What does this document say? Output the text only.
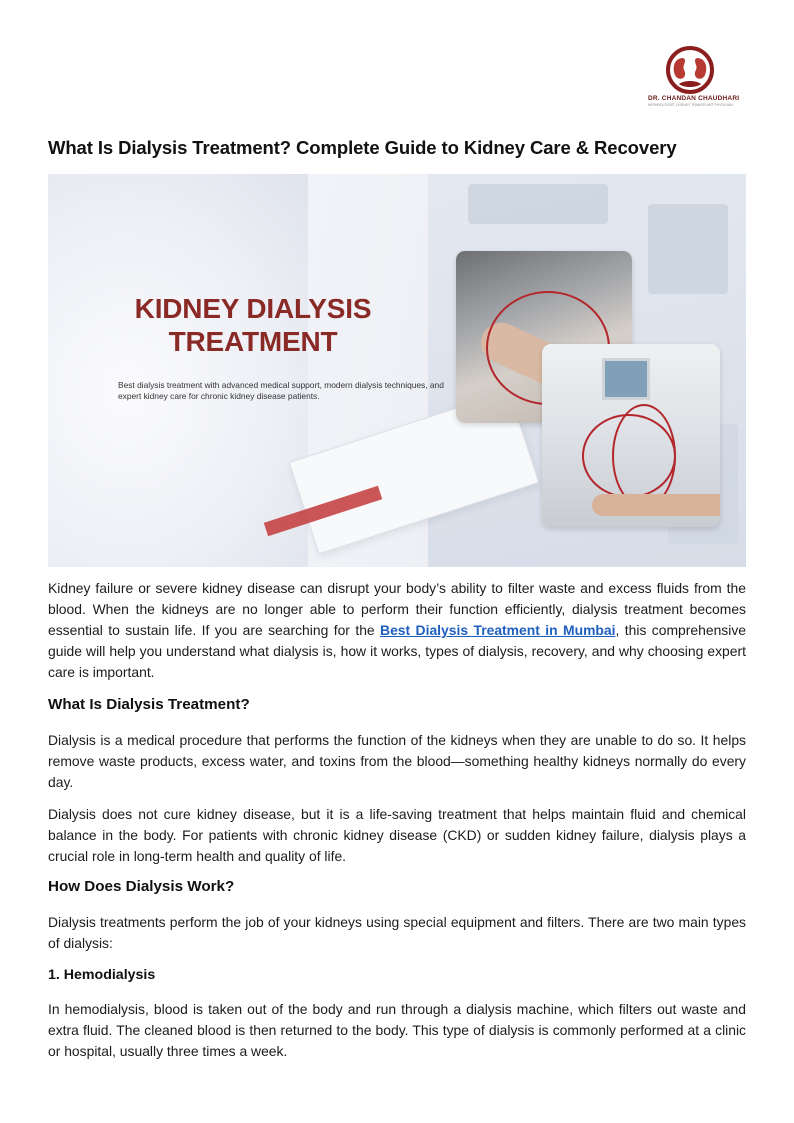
DR. CHANDAN CHAUDHARI
NEPHROLOGIST | KIDNEY TRANSPLANT PHYSICIAN
What Is Dialysis Treatment? Complete Guide to Kidney Care & Recovery
KIDNEY DIALYSIS
TREATMENT
Best dialysis treatment with advanced medical support, modern dialysis techniques, and expert kidney care for chronic kidney disease patients.

Kidney failure or severe kidney disease can disrupt your body’s ability to filter waste and excess fluids from the blood. When the kidneys are no longer able to perform their function efficiently, dialysis treatment becomes essential to sustain life. If you are searching for the Best Dialysis Treatment in Mumbai, this comprehensive guide will help you understand what dialysis is, how it works, types of dialysis, recovery, and why choosing expert care is important.

What Is Dialysis Treatment?

Dialysis is a medical procedure that performs the function of the kidneys when they are unable to do so. It helps remove waste products, excess water, and toxins from the blood—something healthy kidneys normally do every day.

Dialysis does not cure kidney disease, but it is a life-saving treatment that helps maintain fluid and chemical balance in the body. For patients with chronic kidney disease (CKD) or sudden kidney failure, dialysis plays a crucial role in long-term health and quality of life.

How Does Dialysis Work?

Dialysis treatments perform the job of your kidneys using special equipment and filters. There are two main types of dialysis:

1. Hemodialysis

In hemodialysis, blood is taken out of the body and run through a dialysis machine, which filters out waste and extra fluid. The cleaned blood is then returned to the body. This type of dialysis is commonly performed at a clinic or hospital, usually three times a week.
